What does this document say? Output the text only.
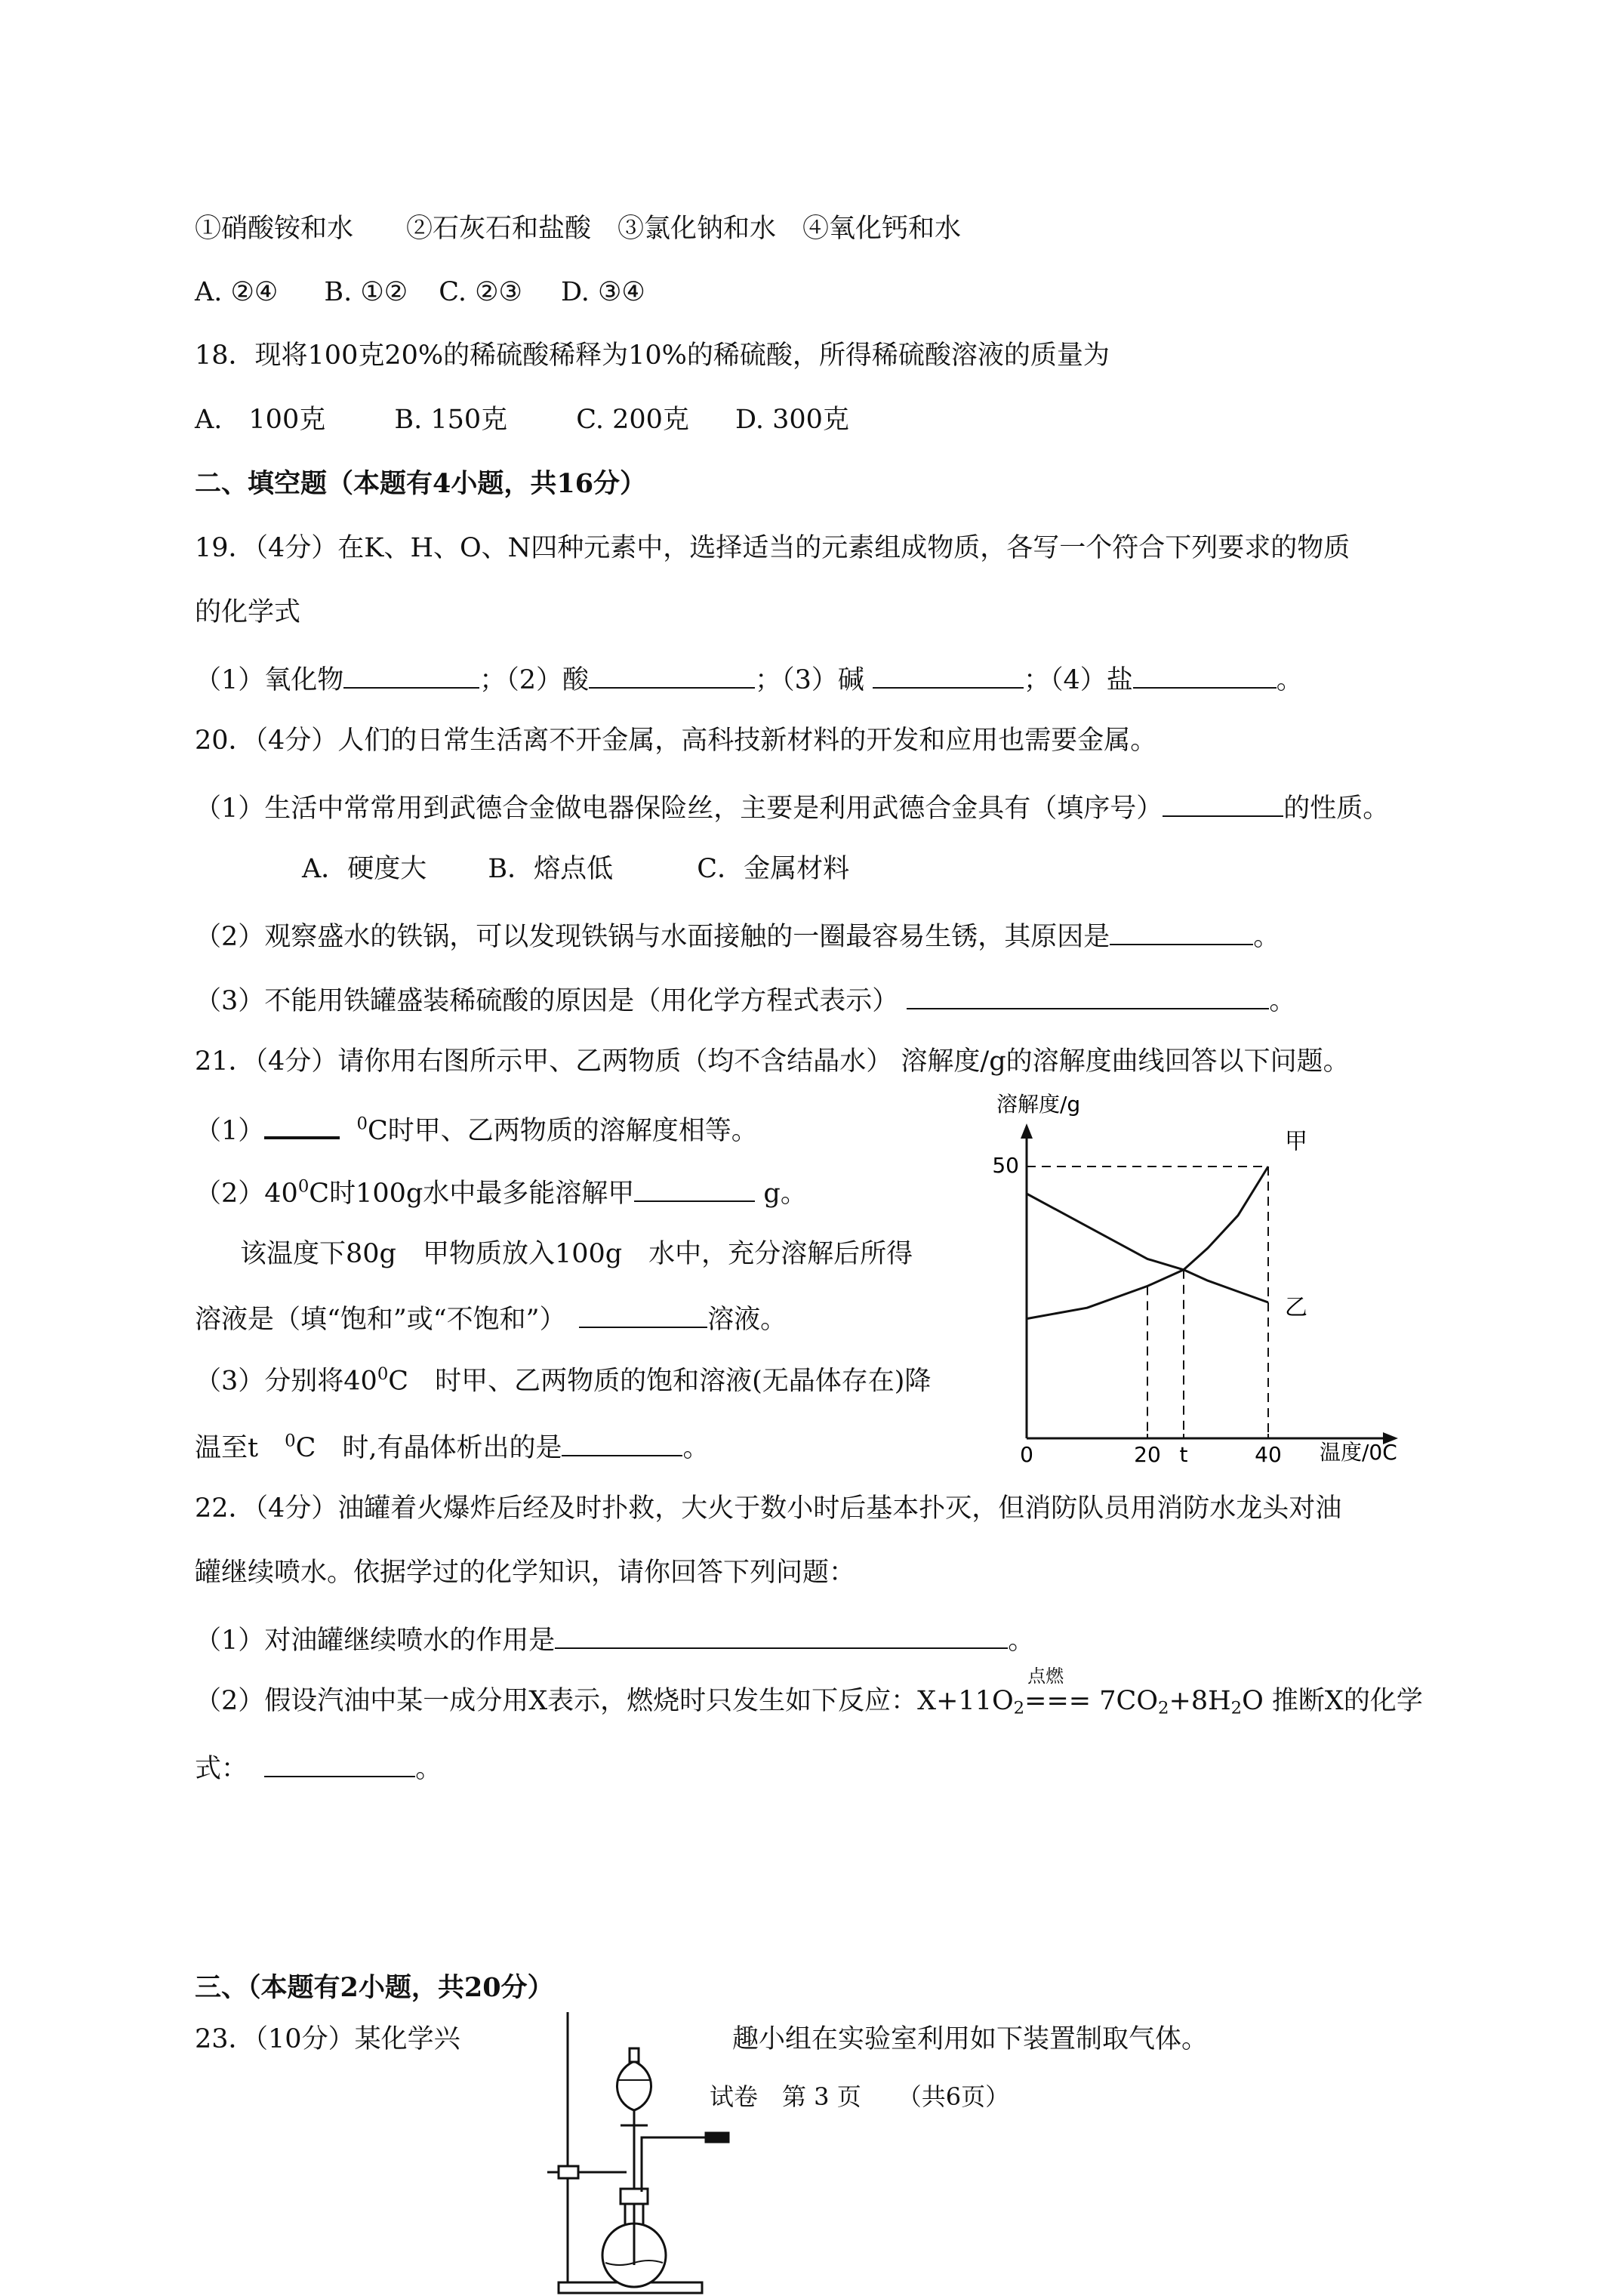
①硝酸铵和水　　②石灰石和盐酸　③氯化钠和水　④氧化钙和水
A. ②④ B. ①② C. ②③ D. ③④
18．现将100克20%的稀硫酸稀释为10%的稀硫酸，所得稀硫酸溶液的质量为
A.　100克	B. 150克	C. 200克 D. 300克
二、填空题（本题有4小题，共16分）
19．（4分）在K、H、O、N四种元素中，选择适当的元素组成物质，各写一个符合下列要求的物质
的化学式
（1）氧化物	；（2）酸	；（3）碱	；（4）盐	。
20．（4分）人们的日常生活离不开金属，高科技新材料的开发和应用也需要金属。
（1）生活中常常用到武德合金做电器保险丝，主要是利用武德合金具有（填序号）	的性质。
A．硬度大 B．熔点低	C．金属材料
（2）观察盛水的铁锅，可以发现铁锅与水面接触的一圈最容易生锈，其原因是	。
（3）不能用铁罐盛装稀硫酸的原因是（用化学方程式表示）	。
21．（4分）请你用右图所示甲、乙两物质（均不含结晶水） 溶解度/g的溶解度曲线回答以下问题。
（1）	$^0$C时甲、乙两物质的溶解度相等。
$(2)40^0C$时100g水中最多能溶解甲	g。
该温度下80g　甲物质放入100g　水中，充分溶解后所得
溶液是（填“饱和”或“不饱和”）　	溶液。
（3）分别将$40^0C$　时甲、乙两物质的饱和溶液(无晶体存在)降
温至t　$^0$C　时,有晶体析出的是	。
溶解度/g
温度/0C
0	20 t	40
50
甲
乙
22．（4分）油罐着火爆炸后经及时扑救，大火于数小时后基本扑灭，但消防队员用消防水龙头对油
罐继续喷水。依据学过的化学知识，请你回答下列问题：
（1）对油罐继续喷水的作用是	。
（2）假设汽油中某一成分用X表示，燃烧时只发生如下反应：$X+11O_2$
点燃
=== $7CO_2+8H_2O$ 推断X的化学
式：	。
三、（本题有2小题，共20分）
23．（10分）某化学兴	趣小组在实验室利用如下装置制取气体。
试卷　第 3 页　　（共6页）
